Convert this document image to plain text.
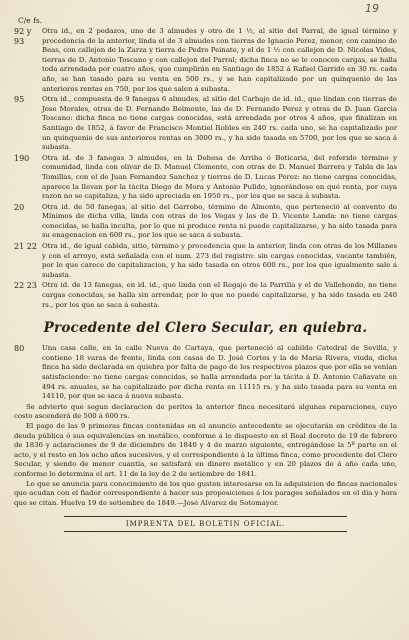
19
C/e fs.
92 y 93
Otra id., en 2 pedazos, uno de 3 almudes y otro de 1 ½, al sitio del Parral, de igual término y procedencia de la anterior, linda el de 3 almudes con tierras de Ignacio Perez, menor, con camino de Beas, con callejon de la Zarza y tierra de Pedro Peinate, y el de 1 ½ con callejon de D. Nicolas Vides, tierras de D. Antonio Toscano y con callejon del Parral; dicha finca no se le conocen cargas, se halla toda arrendada por cuatro años, que cumplirán en Santiago de 1852 á Rafael Garrido en 30 rs. cada año, se han tasado para su venta en 500 rs., y se han capitalizado por un quinquenio de las anteriores rentas en 750, por los que salen á subasta.
95	Otra id., compuesta de 9 fanegas 6 almudes, al sitio del Carbajo de id. id., que lindan con tierras de Jose Morales, otras de D. Fernando Belmonte, las de D. Fernando Perez y otras de D. Juan Garcia Toscano: dicha finca no tiene cargas conocidas, está arrendada por otros 4 años, que finalizan en Santiago de 1852, á favor de Francisco Montiel Robles en 240 rs. cada uno, se ha capitalizado por un quinquenio de sus anteriores rentas en 3000 rs., y ha sido tasada en 5700, por los que se saca á subasta.
190	Otra id. de 3 fanegas 3 almudes, en la Dehesa de Arriba ó Boticaria, del referido término y comunidad, linda con olivar de D. Manuel Clemente, con otras de D. Manuel Barrera y Tabla de las Tomillas, con el de Juan Fernandez Sanchez y tierras de D. Lucas Perez: no tiene cargas conocidas, aparece la llevan por la tácita Diego de Mora y Antonio Pulido, ignorándose en qué renta, por cuya razon no se capitaliza, y ha sido apreciada en 1950 rs., por los que se saca á subasta.
20	Otra id. de 50 fanegas, al sitio del Garrobo, término de Almonte, que perteneció al convento de Mínimos de dicha villa, linda con otras de los Vegas y las de D. Vicente Landa: no tiene cargas conocidas, se halla inculta, por lo que ni produce renta ni puede capitalizarse, y ha sido tasada para su enagenacion en 600 rs., por los que se saca á subasta.
21 22 Otra id., de igual cabida, sitio, término y procedencia que la anterior, linda con otras de los Millanes y con el arroyo, está señalada con el num. 273 del registro: sin cargas conocidas, vacante también, por lo que carece de capitalizacion, y ha sido tasada en otros 600 rs., por los que igualmente sale á subasta.
22 23 Otra id. de 13 fanegas, en id. id., que linda con el Regajo de la Parrilla y el de Vallehondo, no tiene cargas conocidas, se halla sin arrendar, por lo que no puede capitalizarse, y ha sido tasada en 240 rs., por los que se saca á subasta.
Procedente del Clero Secular, en quiebra.
80	Una casa calle, en la calle Nueva de Cartaya, que perteneció al cabildo Catedral de Sevilla, y contiene 18 varas de frente, linda con casas de D. José Cortes y la de Maria Rivera, viuda, dicha finca ha sido declarada en quiebra por falta de pago de los respectivos plazos que por ella se venían satisfaciendo: no tiene cargas conocidas, se halla arrendada por la tácita á D. Antonio Cañavate en 494 rs. anuales, se ha capitalizado por dicha renta en 11115 rs. y ha sido tasada para su venta en 14110, por que se saca á nueva subasta.

Se advierte que segun declaracion de peritos la anterior finca necesitará algunas reparaciones, cuyo costo ascenderá de 500 á 600 rs.

El pago de las 9 primeras fincas contenidas en el anuncio antecedente se ejecutarán en créditos de la deuda pública ó sus equivalencias en metálico, conforme á lo dispuesto en el Real decreto de 19 de febrero de 1836 y aclaraciones de 9 de diciembre de 1840 y 4 de marzo siguiente, entregándose la 5ª parte en el acto, y el resto en los ocho años sucesivos, y el correspondiente á la última finca, como procedente del Clero Secular, y siendo de menor cuantía, se satisfará en dinero metálico y en 20 plazos de á año cada uno, conforme lo determina el art. 11 de la ley de 2 de setiembre de 1841.

Lo que se anuncia para conocimiento de los que gusten interesarse en la adquisicion de fincas nacionales que acudan con el fiador correspondiente á hacer sus proposiciones á los parages señalados en el dia y hora que se citan. Huelva 19 de setiembre de 1849.—José Alvarez de Sotomayor.

IMPRENTA DEL BOLETIN OFICIAL.
